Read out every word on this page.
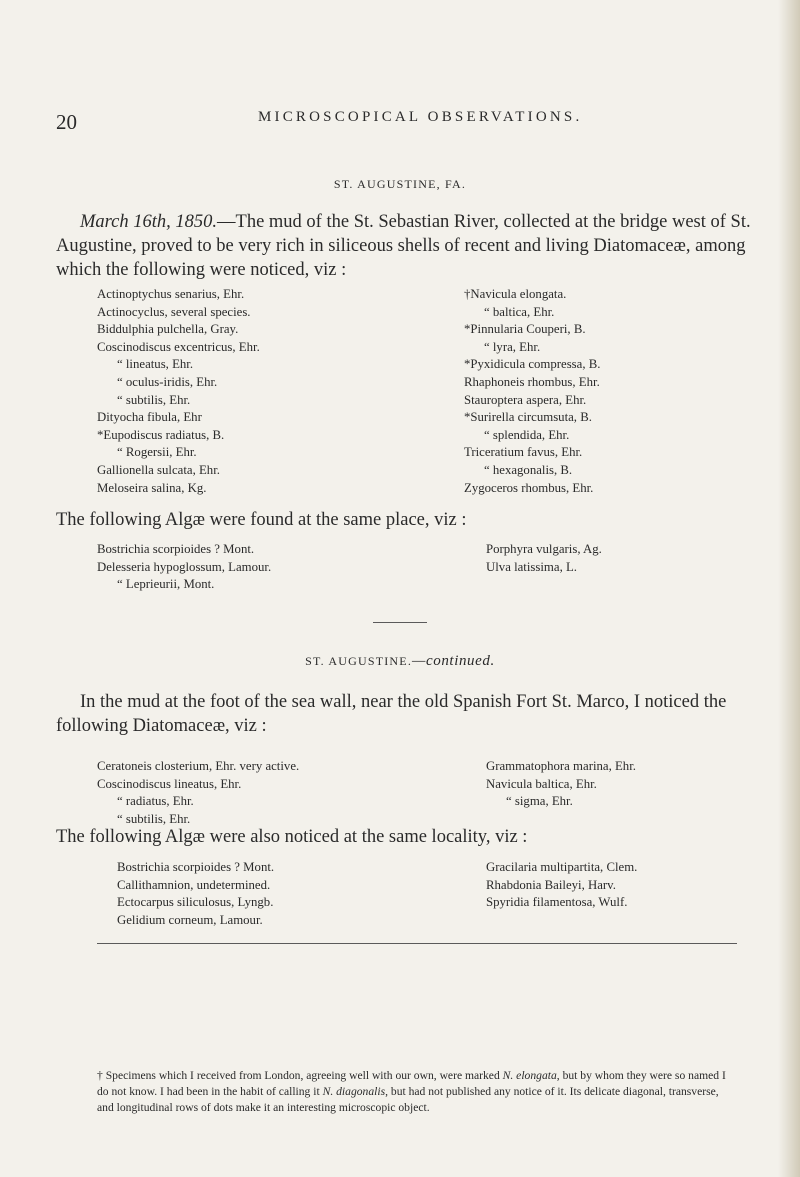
20	MICROSCOPICAL OBSERVATIONS.
ST. AUGUSTINE, FA.
March 16th, 1850.—The mud of the St. Sebastian River, collected at the bridge west of St. Augustine, proved to be very rich in siliceous shells of recent and living Diatomaceæ, among which the following were noticed, viz :
Actinoptychus senarius, Ehr.
Actinocyclus, several species.
Biddulphia pulchella, Gray.
Coscinodiscus excentricus, Ehr.
“ lineatus, Ehr.
“ oculus-iridis, Ehr.
“ subtilis, Ehr.
Dityocha fibula, Ehr
*Eupodiscus radiatus, B.
“ Rogersii, Ehr.
Gallionella sulcata, Ehr.
Meloseira salina, Kg.
†Navicula elongata.
“ baltica, Ehr.
*Pinnularia Couperi, B.
“ lyra, Ehr.
*Pyxidicula compressa, B.
Rhaphoneis rhombus, Ehr.
Stauroptera aspera, Ehr.
*Surirella circumsuta, B.
“ splendida, Ehr.
Triceratium favus, Ehr.
“ hexagonalis, B.
Zygoceros rhombus, Ehr.
The following Algæ were found at the same place, viz :
Bostrichia scorpioides ? Mont.
Delesseria hypoglossum, Lamour.
“ Leprieurii, Mont.
Porphyra vulgaris, Ag.
Ulva latissima, L.
ST. AUGUSTINE.—continued.
In the mud at the foot of the sea wall, near the old Spanish Fort St. Marco, I noticed the following Diatomaceæ, viz :
Ceratoneis closterium, Ehr. very active.
Coscinodiscus lineatus, Ehr.
“ radiatus, Ehr.
“ subtilis, Ehr.
Grammatophora marina, Ehr.
Navicula baltica, Ehr.
“ sigma, Ehr.
The following Algæ were also noticed at the same locality, viz :
Bostrichia scorpioides ? Mont.
Callithamnion, undetermined.
Ectocarpus siliculosus, Lyngb.
Gelidium corneum, Lamour.
Gracilaria multipartita, Clem.
Rhabdonia Baileyi, Harv.
Spyridia filamentosa, Wulf.
† Specimens which I received from London, agreeing well with our own, were marked N. elongata, but by whom they were so named I do not know. I had been in the habit of calling it N. diagonalis, but had not published any notice of it. Its delicate diagonal, transverse, and longitudinal rows of dots make it an interesting microscopic object.
